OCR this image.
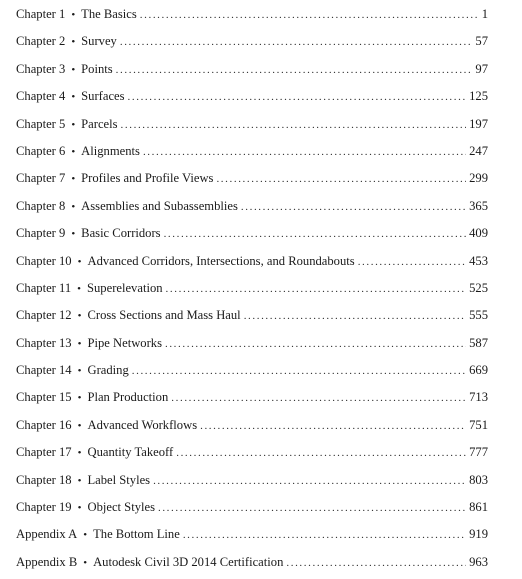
Chapter 1 • The Basics .....	1
Chapter 2 • Survey .....	57
Chapter 3 • Points .....	97
Chapter 4 • Surfaces .....	125
Chapter 5 • Parcels .....	197
Chapter 6 • Alignments .....	247
Chapter 7 • Profiles and Profile Views .....	299
Chapter 8 • Assemblies and Subassemblies .....	365
Chapter 9 • Basic Corridors .....	409
Chapter 10 • Advanced Corridors, Intersections, and Roundabouts .....	453
Chapter 11 • Superelevation .....	525
Chapter 12 • Cross Sections and Mass Haul .....	555
Chapter 13 • Pipe Networks .....	587
Chapter 14 • Grading .....	669
Chapter 15 • Plan Production .....	713
Chapter 16 • Advanced Workflows .....	751
Chapter 17 • Quantity Takeoff .....	777
Chapter 18 • Label Styles .....	803
Chapter 19 • Object Styles .....	861
Appendix A • The Bottom Line .....	919
Appendix B • Autodesk Civil 3D 2014 Certification .....	963
